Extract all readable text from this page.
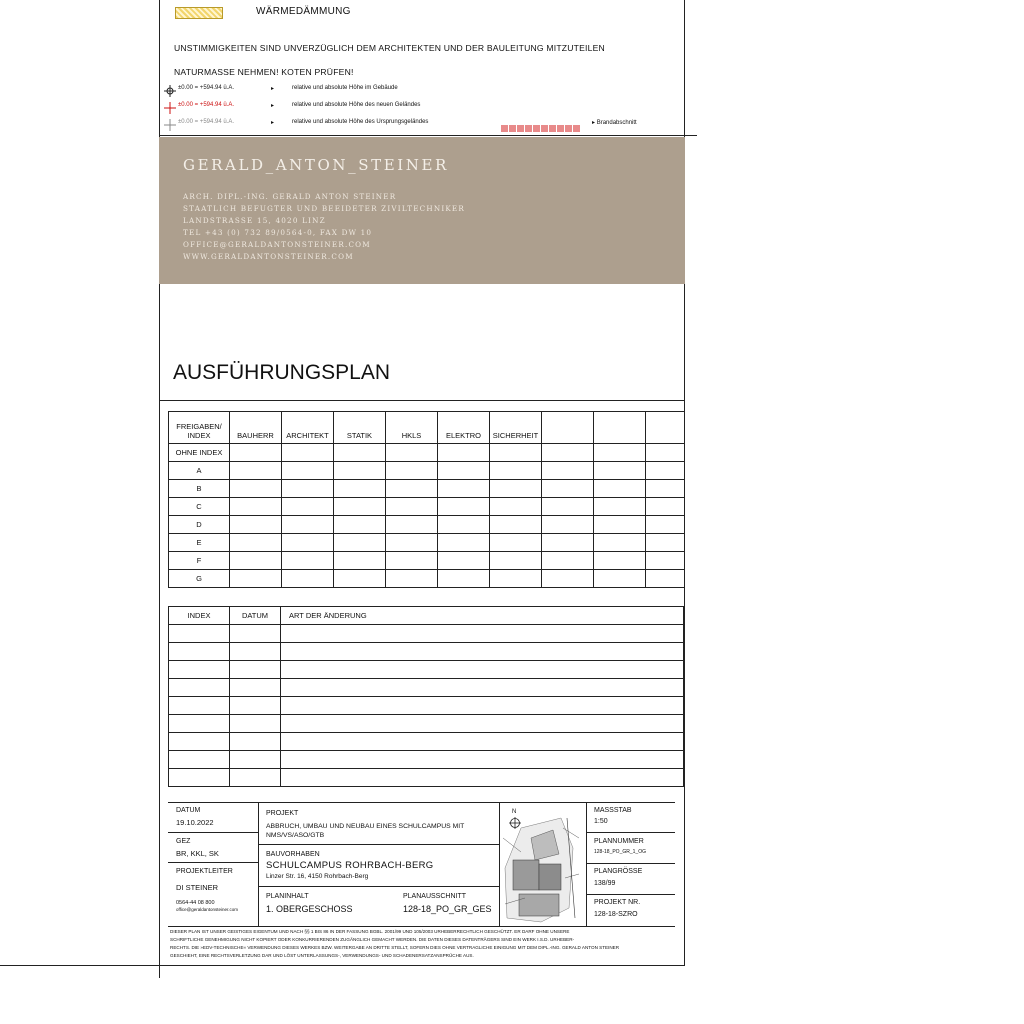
WÄRMEDÄMMUNG
UNSTIMMIGKEITEN SIND UNVERZÜGLICH DEM ARCHITEKTEN UND DER BAULEITUNG MITZUTEILEN
NATURMASSE NEHMEN! KOTEN PRÜFEN!
±0.00 = +594.94 ü.A.	▸	relative und absolute Höhe im Gebäude
±0.00 = +594.94 ü.A.	▸	relative und absolute Höhe des neuen Geländes
±0.00 = +594.94 ü.A.	▸	relative und absolute Höhe des Ursprungsgeländes	▸ Brandabschnitt
GERALD_ANTON_STEINER
ARCH. DIPL.-ING. GERALD ANTON STEINER
STAATLICH BEFUGTER UND BEEIDETER ZIVILTECHNIKER
LANDSTRASSE 15, 4020 LINZ
TEL +43 (0) 732 89/0564-0, FAX DW 10
OFFICE@GERALDANTONSTEINER.COM
WWW.GERALDANTONSTEINER.COM
AUSFÜHRUNGSPLAN
FREIGABEN/ INDEX	BAUHERR	ARCHITEKT	STATIK	HKLS	ELEKTRO	SICHERHEIT			
OHNE INDEX									
A									
B									
C									
D									
E									
F									
G									
INDEX	DATUM	ART DER ÄNDERUNG

DATUM
19.10.2022
GEZ
BR, KKL, SK
PROJEKTLEITER
DI STEINER
0564-44 08 800
office@geraldantonsteiner.com
PROJEKT
ABBRUCH, UMBAU UND NEUBAU EINES SCHULCAMPUS MIT NMS/VS/ASO/GTB
BAUVORHABEN
SCHULCAMPUS ROHRBACH-BERG
Linzer Str. 16, 4150 Rohrbach-Berg
PLANINHALT
1. OBERGESCHOSS
PLANAUSSCHNITT
128-18_PO_GR_GES
N	MASSSTAB
1:50
PLANNUMMER
128-18_PO_GR_1_OG
PLANGRÖSSE
138/99
PROJEKT NR.
128-18-SZRO
DIESER PLAN IST UNSER GEISTIGES EIGENTUM UND NACH §§ 1 BIS 86 IN DER FASSUNG BGBL. 2001/99 UND 105/2003 URHEBERRECHTLICH GESCHÜTZT. ER DARF OHNE UNSERE
SCHRIFTLICHE GENEHMIGUNG NICHT KOPIERT ODER KONKURRIERENDEN ZUGÄNGLICH GEMACHT WERDEN. DIE DATEN DIESES DATENTRÄGERS SIND EIN WERK I.S.D. URHEBER-
RECHTS. DIE »EDV-TECHNISCHE« VERWENDUNG DIESES WERKES BZW. WEITERGABE AN DRITTE STELLT, SOFERN DIES OHNE VERTRAGLICHE EINIGUNG MIT DEM DIPL.-ING. GERALD ANTON STEINER
GESCHIEHT, EINE RECHTSVERLETZUNG DAR UND LÖST UNTERLASSUNGS-, VERWENDUNGS- UND SCHADENERSATZANSPRÜCHE AUS.
